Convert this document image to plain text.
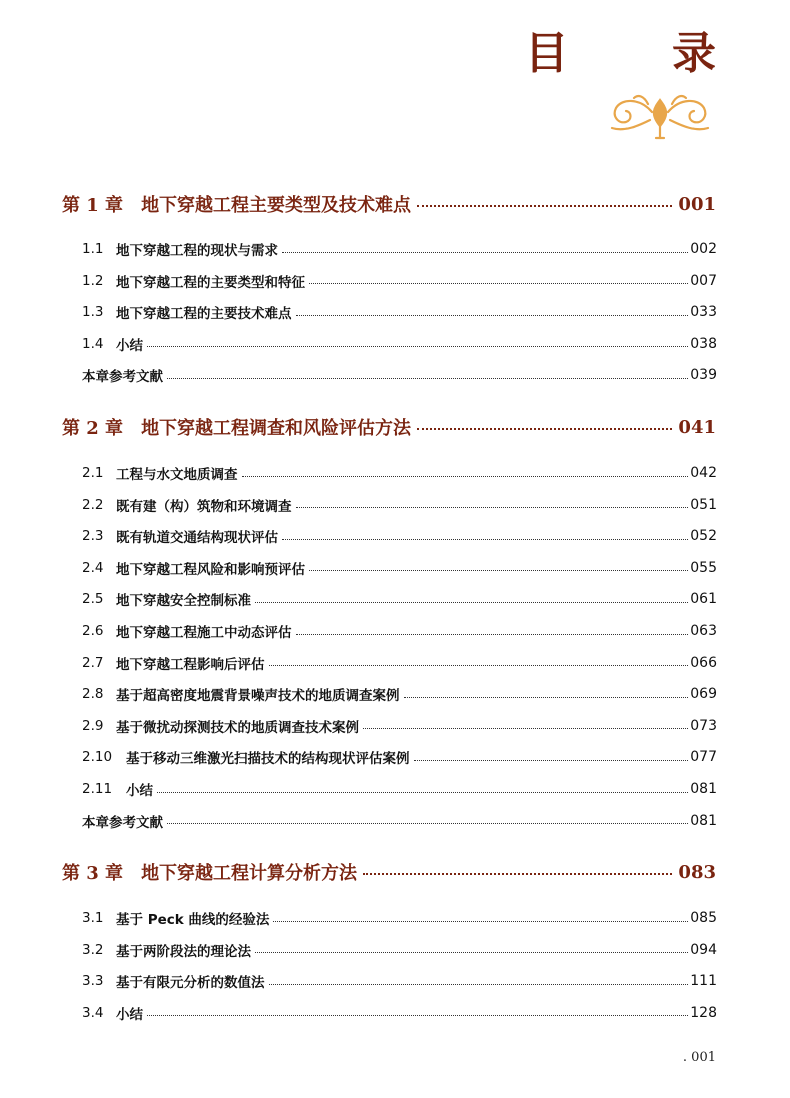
目 录
第 1 章 地下穿越工程主要类型及技术难点	001
1.1 地下穿越工程的现状与需求	002
1.2 地下穿越工程的主要类型和特征	007
1.3 地下穿越工程的主要技术难点	033
1.4 小结	038
本章参考文献	039
第 2 章 地下穿越工程调查和风险评估方法	041
2.1 工程与水文地质调查	042
2.2 既有建（构）筑物和环境调查	051
2.3 既有轨道交通结构现状评估	052
2.4 地下穿越工程风险和影响预评估	055
2.5 地下穿越安全控制标准	061
2.6 地下穿越工程施工中动态评估	063
2.7 地下穿越工程影响后评估	066
2.8 基于超高密度地震背景噪声技术的地质调查案例	069
2.9 基于微扰动探测技术的地质调查技术案例	073
2.10	基于移动三维激光扫描技术的结构现状评估案例	077
2.11	小结	081
本章参考文献	081
第 3 章 地下穿越工程计算分析方法	083
3.1 基于 Peck 曲线的经验法	085
3.2 基于两阶段法的理论法	094
3.3 基于有限元分析的数值法	111
3.4 小结	128
. 001
